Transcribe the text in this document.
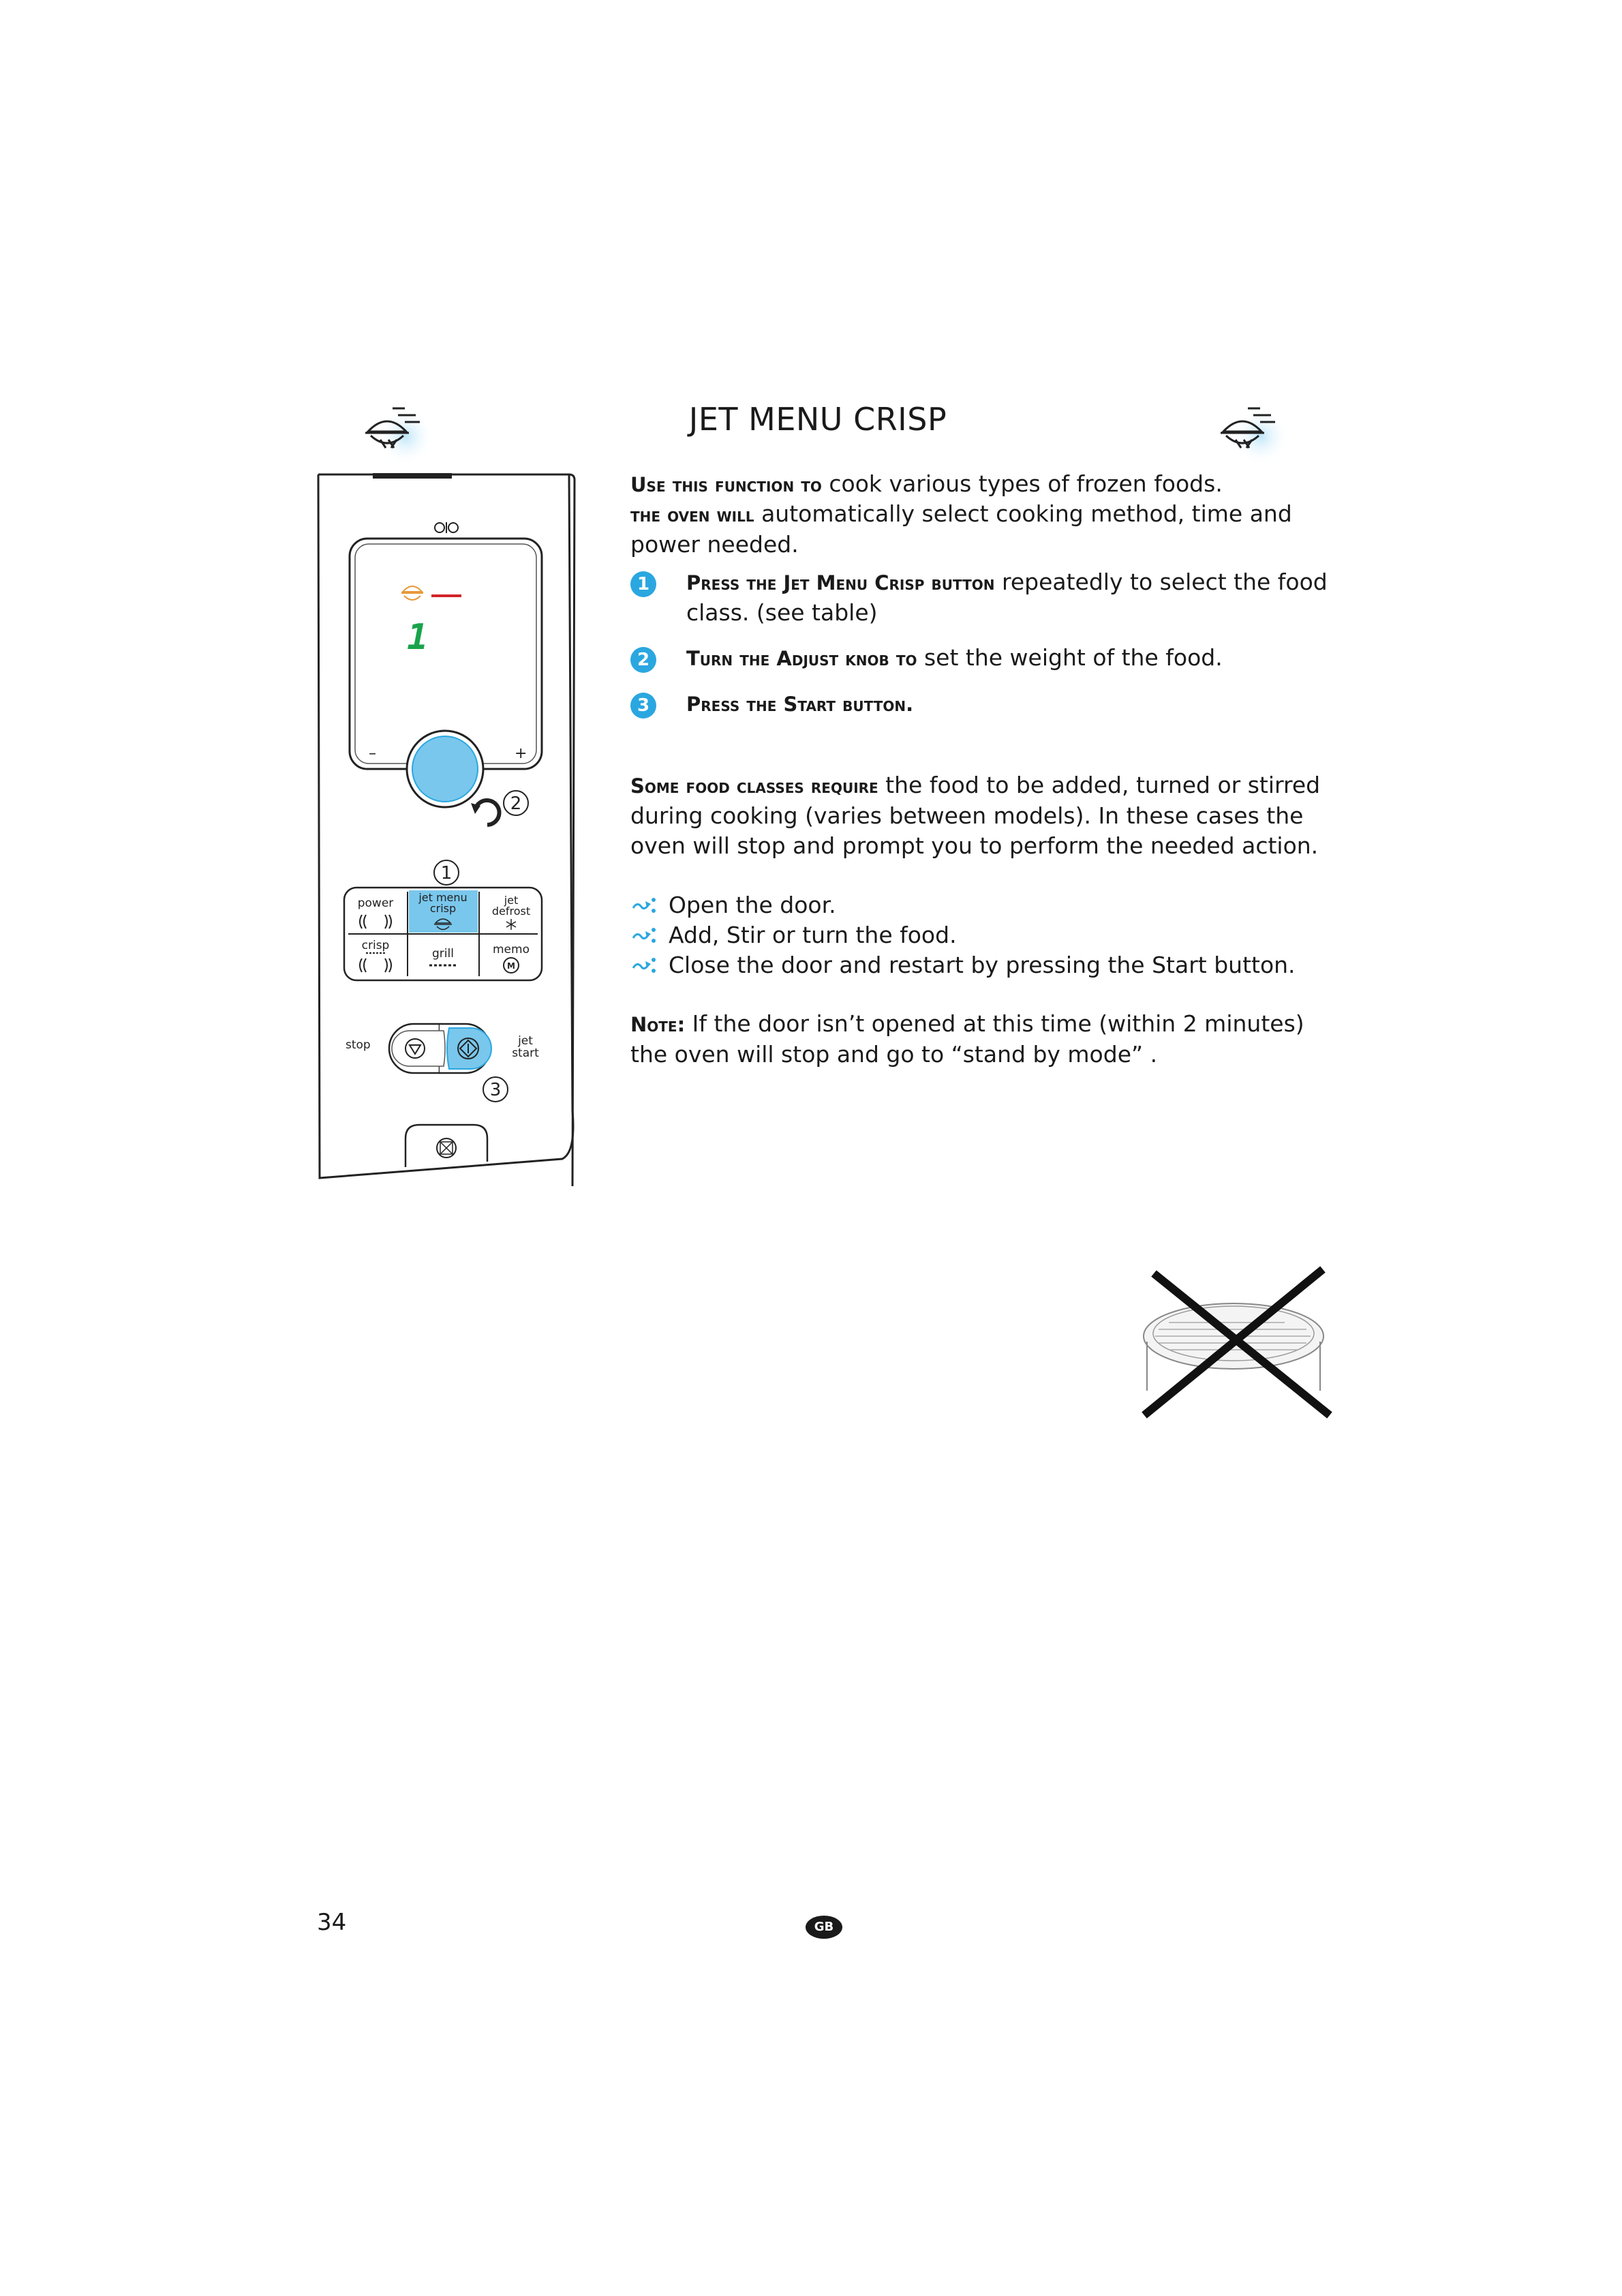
JET MENU CRISP
Use this function to cook various types of frozen foods.
the oven will automatically select cooking method, time and power needed.
1	Press the Jet Menu Crisp button repeatedly to select the food class. (see table)
2	Turn the Adjust knob to set the weight of the food.
3	Press the Start button.
Some food classes require the food to be added, turned or stirred during cooking (varies between models). In these cases the oven will stop and prompt you to perform the needed action.
Open the door.
Add, Stir or turn the food.
Close the door and restart by pressing the Start button.
Note: If the door isn’t opened at this time (within 2 minutes) the oven will stop and go to “stand by mode” .
1
–	+
2
1
power jet menu
crisp
jet
defrost
crisp
grill	memo
M
stop	jet
start
3
34	GB
